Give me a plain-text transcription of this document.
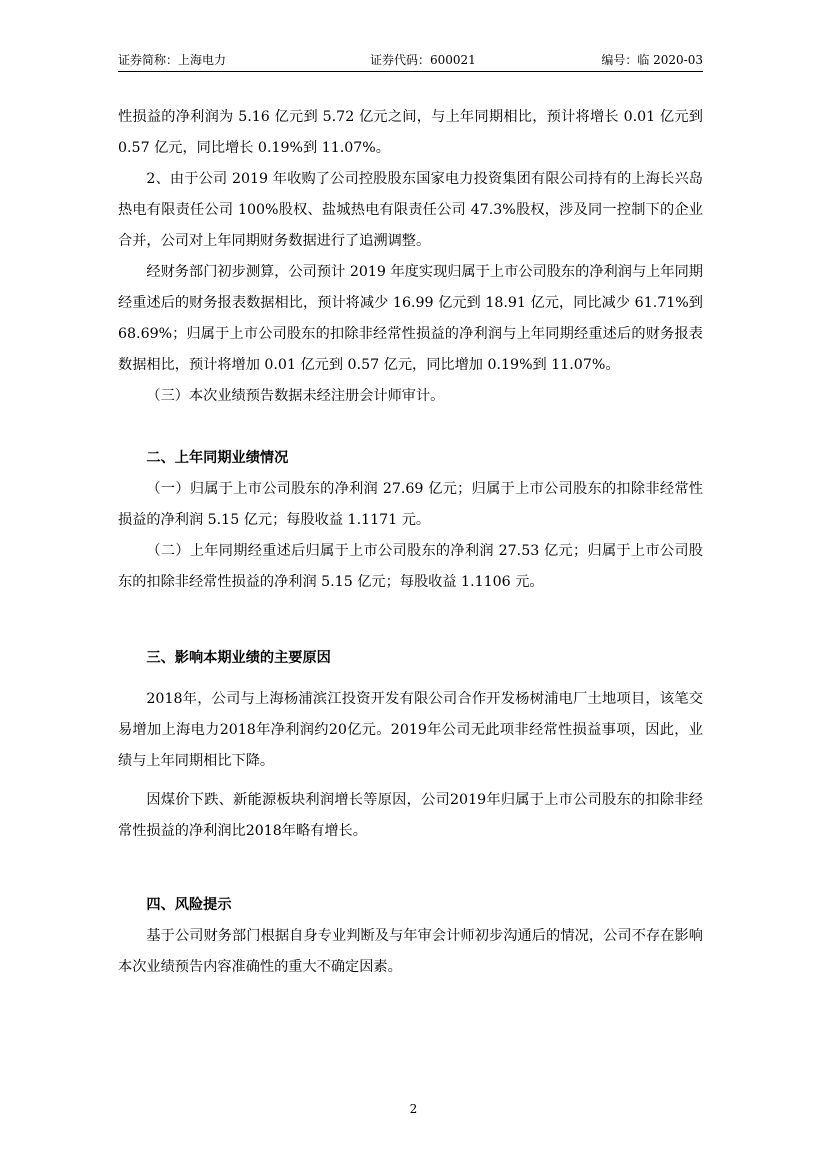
证券简称：上海电力	证券代码：600021	编号：临 2020-03

性损益的净利润为 5.16 亿元到 5.72 亿元之间，与上年同期相比，预计将增长 0.01 亿元到 0.57 亿元，同比增长 0.19%到 11.07%。

2、由于公司 2019 年收购了公司控股股东国家电力投资集团有限公司持有的上海长兴岛热电有限责任公司 100%股权、盐城热电有限责任公司 47.3%股权，涉及同一控制下的企业合并，公司对上年同期财务数据进行了追溯调整。

经财务部门初步测算，公司预计 2019 年度实现归属于上市公司股东的净利润与上年同期经重述后的财务报表数据相比，预计将减少 16.99 亿元到 18.91 亿元，同比减少 61.71%到 68.69%；归属于上市公司股东的扣除非经常性损益的净利润与上年同期经重述后的财务报表数据相比，预计将增加 0.01 亿元到 0.57 亿元，同比增加 0.19%到 11.07%。

（三）本次业绩预告数据未经注册会计师审计。

二、上年同期业绩情况

（一）归属于上市公司股东的净利润 27.69 亿元；归属于上市公司股东的扣除非经常性损益的净利润 5.15 亿元；每股收益 1.1171 元。

（二）上年同期经重述后归属于上市公司股东的净利润 27.53 亿元；归属于上市公司股东的扣除非经常性损益的净利润 5.15 亿元；每股收益 1.1106 元。

三、影响本期业绩的主要原因

2018年，公司与上海杨浦滨江投资开发有限公司合作开发杨树浦电厂土地项目，该笔交易增加上海电力2018年净利润约20亿元。2019年公司无此项非经常性损益事项，因此，业绩与上年同期相比下降。

因煤价下跌、新能源板块利润增长等原因，公司2019年归属于上市公司股东的扣除非经常性损益的净利润比2018年略有增长。

四、风险提示

基于公司财务部门根据自身专业判断及与年审会计师初步沟通后的情况，公司不存在影响本次业绩预告内容准确性的重大不确定因素。

2
